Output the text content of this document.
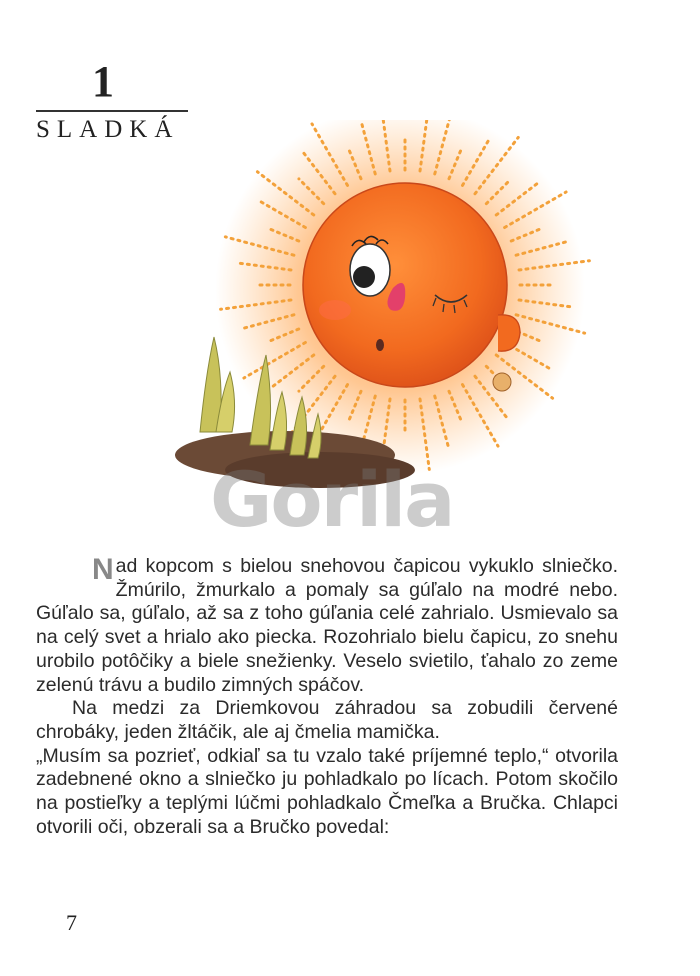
1
SLADKÁ
Gorila

Nad kopcom s bielou snehovou čapicou vykuklo slniečko. Žmúrilo, žmurkalo a pomaly sa gúľalo na modré nebo. Gúľalo sa, gúľalo, až sa z toho gúľania celé zahrialo. Usmievalo sa na celý svet a hrialo ako piecka. Rozohrialo bielu čapicu, zo snehu urobilo potôčiky a biele snežienky. Veselo svietilo, ťahalo zo zeme zelenú trávu a budilo zimných spáčov.

Na medzi za Driemkovou záhradou sa zobudili červené chrobáky, jeden žltáčik, ale aj čmelia mamička.

„Musím sa pozrieť, odkiaľ sa tu vzalo také príjemné teplo,“ otvorila zadebnené okno a slniečko ju pohladkalo po lícach. Potom skočilo na postieľky a teplými lúčmi pohladkalo Čmeľka a Bručka. Chlapci otvorili oči, obzerali sa a Bručko povedal:

7
